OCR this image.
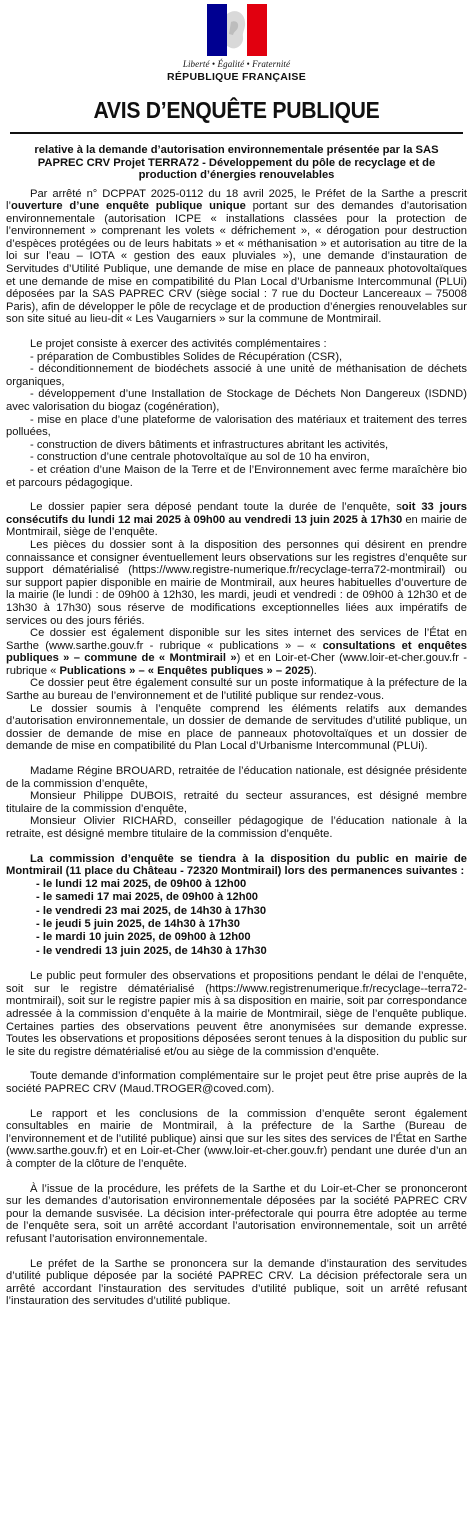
Liberté • Égalité • Fraternité
RÉPUBLIQUE FRANÇAISE
AVIS D’ENQUÊTE PUBLIQUE

relative à la demande d’autorisation environnementale présentée par la SAS PAPREC CRV Projet TERRA72 - Développement du pôle de recyclage et de production d’énergies renouvelables

Par arrêté n° DCPPAT 2025-0112 du 18 avril 2025, le Préfet de la Sarthe a prescrit l’ouverture d’une enquête publique unique portant sur des demandes d’autorisation environnementale (autorisation ICPE « installations classées pour la protection de l’environnement » comprenant les volets « défrichement », « dérogation pour destruction d’espèces protégées ou de leurs habitats » et « méthanisation » et autorisation au titre de la loi sur l’eau – IOTA « gestion des eaux pluviales »), une demande d’instauration de Servitudes d’Utilité Publique, une demande de mise en place de panneaux photovoltaïques et une demande de mise en compatibilité du Plan Local d’Urbanisme Intercommunal (PLUi) déposées par la SAS PAPREC CRV (siège social : 7 rue du Docteur Lancereaux – 75008 Paris), afin de développer le pôle de recyclage et de production d’énergies renouvelables sur son site situé au lieu-dit « Les Vaugarniers » sur la commune de Montmirail.

Le projet consiste à exercer des activités complémentaires :

- préparation de Combustibles Solides de Récupération (CSR),

- déconditionnement de biodéchets associé à une unité de méthanisation de déchets organiques,

- développement d’une Installation de Stockage de Déchets Non Dangereux (ISDND) avec valorisation du biogaz (cogénération),

- mise en place d’une plateforme de valorisation des matériaux et traitement des terres polluées,

- construction de divers bâtiments et infrastructures abritant les activités,

- construction d’une centrale photovoltaïque au sol de 10 ha environ,

- et création d’une Maison de la Terre et de l’Environnement avec ferme maraîchère bio et parcours pédagogique.

Le dossier papier sera déposé pendant toute la durée de l’enquête, soit 33 jours consécutifs du lundi 12 mai 2025 à 09h00 au vendredi 13 juin 2025 à 17h30 en mairie de Montmirail, siège de l’enquête.

Les pièces du dossier sont à la disposition des personnes qui désirent en prendre connaissance et consigner éventuellement leurs observations sur les registres d’enquête sur support dématérialisé (https://www.registre-numerique.fr/recyclage-terra72-montmirail) ou sur support papier disponible en mairie de Montmirail, aux heures habituelles d’ouverture de la mairie (le lundi : de 09h00 à 12h30, les mardi, jeudi et vendredi : de 09h00 à 12h30 et de 13h30 à 17h30) sous réserve de modifications exceptionnelles liées aux impératifs de services ou des jours fériés.

Ce dossier est également disponible sur les sites internet des services de l’État en Sarthe (www.sarthe.gouv.fr - rubrique « publications » – « consultations et enquêtes publiques » – commune de « Montmirail ») et en Loir-et-Cher (www.loir-et-cher.gouv.fr - rubrique « Publications » – « Enquêtes publiques » – 2025).

Ce dossier peut être également consulté sur un poste informatique à la préfecture de la Sarthe au bureau de l’environnement et de l’utilité publique sur rendez-vous.

Le dossier soumis à l’enquête comprend les éléments relatifs aux demandes d’autorisation environnementale, un dossier de demande de servitudes d’utilité publique, un dossier de demande de mise en place de panneaux photovoltaïques et un dossier de demande de mise en compatibilité du Plan Local d’Urbanisme Intercommunal (PLUi).

Madame Régine BROUARD, retraitée de l’éducation nationale, est désignée présidente de la commission d’enquête,

Monsieur Philippe DUBOIS, retraité du secteur assurances, est désigné membre titulaire de la commission d’enquête,

Monsieur Olivier RICHARD, conseiller pédagogique de l’éducation nationale à la retraite, est désigné membre titulaire de la commission d’enquête.

La commission d’enquête se tiendra à la disposition du public en mairie de Montmirail (11 place du Château - 72320 Montmirail) lors des permanences suivantes :

- le lundi 12 mai 2025, de 09h00 à 12h00

- le samedi 17 mai 2025, de 09h00 à 12h00

- le vendredi 23 mai 2025, de 14h30 à 17h30

- le jeudi 5 juin 2025, de 14h30 à 17h30

- le mardi 10 juin 2025, de 09h00 à 12h00

- le vendredi 13 juin 2025, de 14h30 à 17h30

Le public peut formuler des observations et propositions pendant le délai de l’enquête, soit sur le registre dématérialisé (https://www.registrenumerique.fr/recyclage--terra72-montmirail), soit sur le registre papier mis à sa disposition en mairie, soit par correspondance adressée à la commission d’enquête à la mairie de Montmirail, siège de l’enquête publique. Certaines parties des observations peuvent être anonymisées sur demande expresse. Toutes les observations et propositions déposées seront tenues à la disposition du public sur le site du registre dématérialisé et/ou au siège de la commission d’enquête.

Toute demande d’information complémentaire sur le projet peut être prise auprès de la société PAPREC CRV (Maud.TROGER@coved.com).

Le rapport et les conclusions de la commission d’enquête seront également consultables en mairie de Montmirail, à la préfecture de la Sarthe (Bureau de l’environnement et de l’utilité publique) ainsi que sur les sites des services de l’État en Sarthe (www.sarthe.gouv.fr) et en Loir-et-Cher (www.loir-et-cher.gouv.fr) pendant une durée d’un an à compter de la clôture de l’enquête.

À l’issue de la procédure, les préfets de la Sarthe et du Loir-et-Cher se prononceront sur les demandes d’autorisation environnementale déposées par la société PAPREC CRV pour la demande susvisée. La décision inter-préfectorale qui pourra être adoptée au terme de l’enquête sera, soit un arrêté accordant l’autorisation environnementale, soit un arrêté refusant l’autorisation environnementale.

Le préfet de la Sarthe se prononcera sur la demande d’instauration des servitudes d’utilité publique déposée par la société PAPREC CRV. La décision préfectorale sera un arrêté accordant l’instauration des servitudes d’utilité publique, soit un arrêté refusant l’instauration des servitudes d’utilité publique.
